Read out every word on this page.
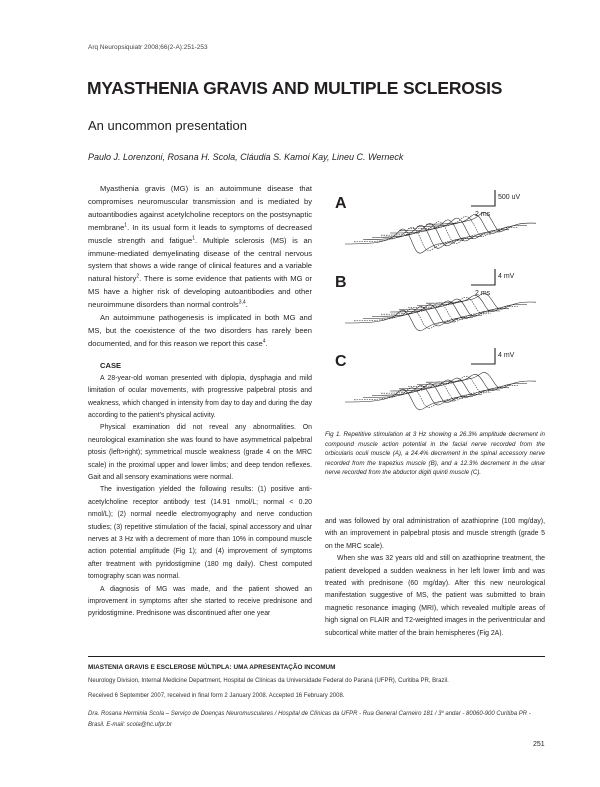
Arq Neuropsiquiatr 2008;66(2-A):251-253
MYASTHENIA GRAVIS AND MULTIPLE SCLEROSIS
An uncommon presentation
Paulo J. Lorenzoni, Rosana H. Scola, Cláudia S. Kamoi Kay, Lineu C. Werneck

Myasthenia gravis (MG) is an autoimmune disease that compromises neuromuscular transmission and is mediated by autoantibodies against acetylcholine receptors on the postsynaptic membrane$^1$. In its usual form it leads to symptoms of decreased muscle strength and fatigue$^1$. Multiple sclerosis (MS) is an immune-mediated demyelinating disease of the central nervous system that shows a wide range of clinical features and a variable natural history$^2$. There is some evidence that patients with MG or MS have a higher risk of developing autoantibodies and other neuroimmune disorders than normal controls$^{3,4}$.

An autoimmune pathogenesis is implicated in both MG and MS, but the coexistence of the two disorders has rarely been documented, and for this reason we report this case$^4$.

CASE

A 28-year-old woman presented with diplopia, dysphagia and mild limitation of ocular movements, with progressive palpebral ptosis and weakness, which changed in intensity from day to day and during the day according to the patient's physical activity.

Physical examination did not reveal any abnormalities. On neurological examination she was found to have asymmetrical palpebral ptosis (left>right); symmetrical muscle weakness (grade 4 on the MRC scale) in the proximal upper and lower limbs; and deep tendon reflexes. Gait and all sensory examinations were normal.

The investigation yielded the following results: (1) positive anti-acetylcholine receptor antibody test (14.91 nmol/L; normal < 0.20 nmol/L); (2) normal needle electromyography and nerve conduction studies; (3) repetitive stimulation of the facial, spinal accessory and ulnar nerves at 3 Hz with a decrement of more than 10% in compound muscle action potential amplitude (Fig 1); and (4) improvement of symptoms after treatment with pyridostigmine (180 mg daily). Chest computed tomography scan was normal.

A diagnosis of MG was made, and the patient showed an improvement in symptoms after she started to receive prednisone and pyridostigmine. Prednisone was discontinued after one year

A	500 uV
2 ms
B	4 mV
2 ms
C	4 mV

Fig 1. Repetitive stimulation at 3 Hz showing a 26.3% amplitude decrement in compound muscle action potential in the facial nerve recorded from the orbicularis oculi muscle (A), a 24.4% decrement in the spinal accessory nerve recorded from the trapezius muscle (B), and a 12.3% decrement in the ulnar nerve recorded from the abductor digiti quinti muscle (C).

and was followed by oral administration of azathioprine (100 mg/day), with an improvement in palpebral ptosis and muscle strength (grade 5 on the MRC scale).

When she was 32 years old and still on azathioprine treatment, the patient developed a sudden weakness in her left lower limb and was treated with prednisone (60 mg/day). After this new neurological manifestation suggestive of MS, the patient was submitted to brain magnetic resonance imaging (MRI), which revealed multiple areas of high signal on FLAIR and T2-weighted images in the periventricular and subcortical white matter of the brain hemispheres (Fig 2A).

MIASTENIA GRAVIS E ESCLEROSE MÚLTIPLA: UMA APRESENTAÇÃO INCOMUM
Neurology Division, Internal Medicine Department, Hospital de Clínicas da Universidade Federal do Paraná (UFPR), Curitiba PR, Brazil.
Received 6 September 2007, received in final form 2 January 2008. Accepted 16 February 2008.
Dra. Rosana Herminia Scola – Serviço de Doenças Neuromusculares / Hospital de Clínicas da UFPR - Rua General Carneiro 181 / 3º andar - 80060-900 Curitiba PR - Brasil. E-mail: scola@hc.ufpr.br
251
